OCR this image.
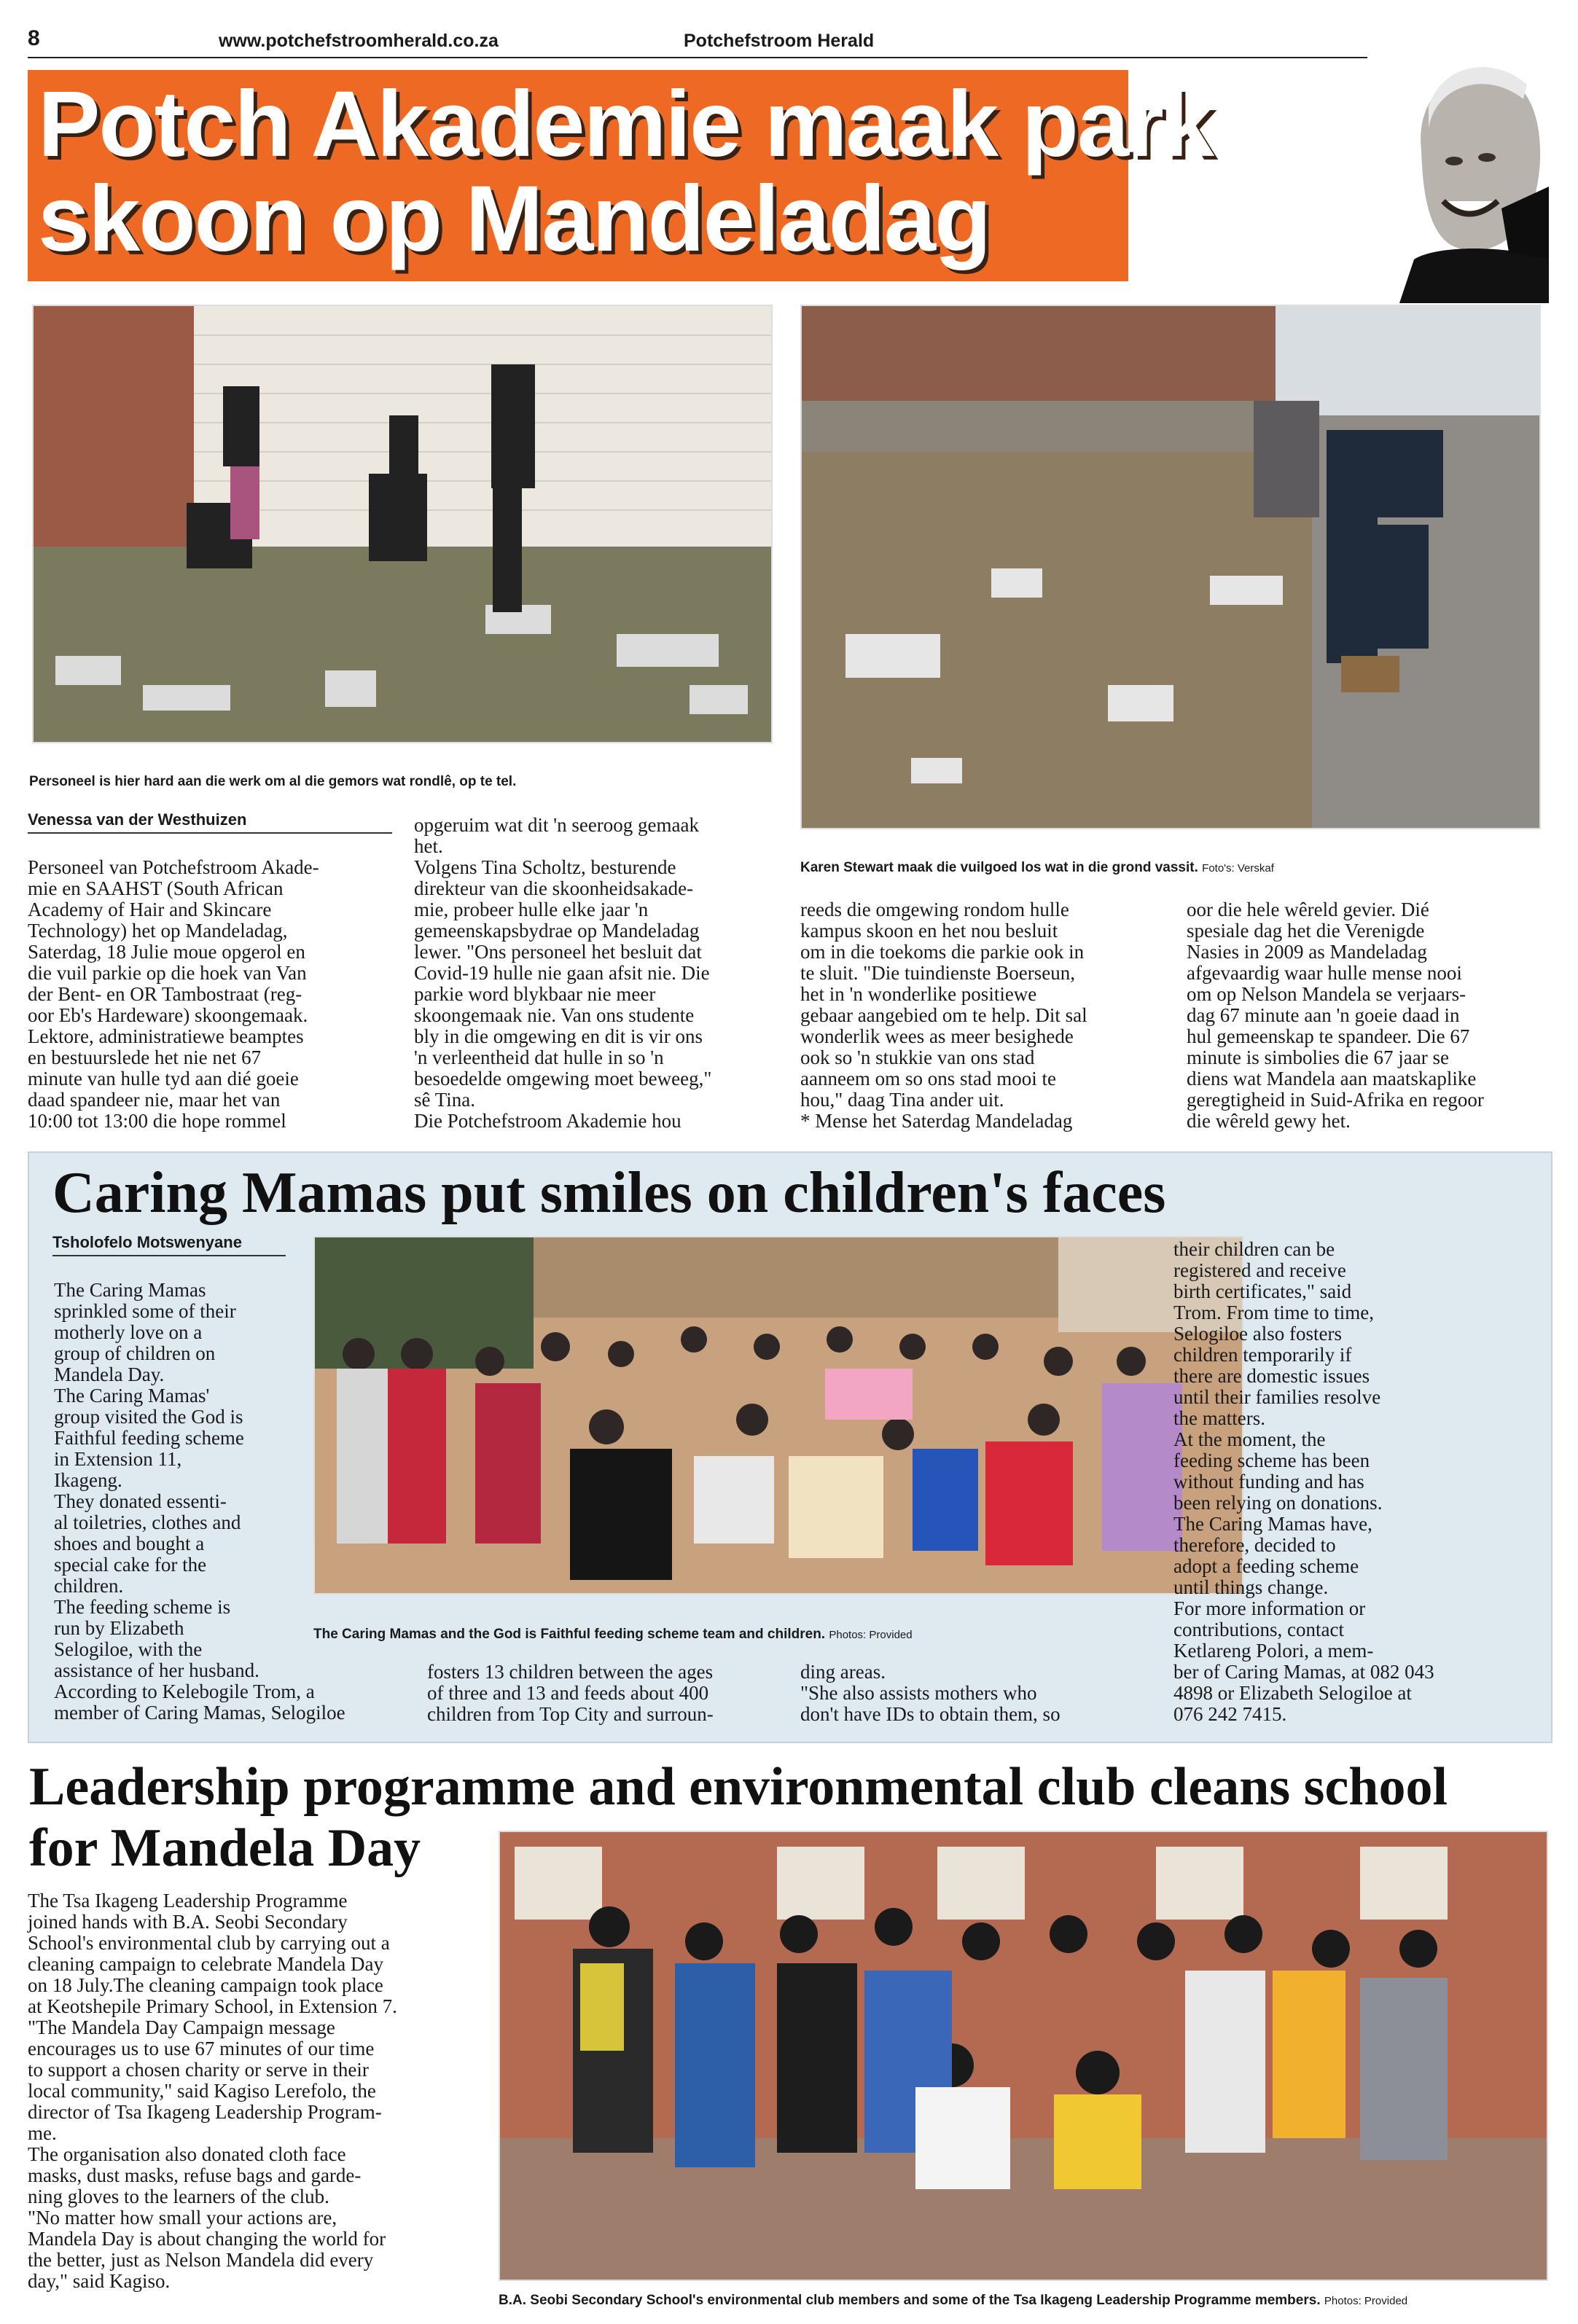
8	www.potchefstroomherald.co.za	Potchefstroom Herald
Potch Akademie maak park
skoon op Mandeladag
Personeel is hier hard aan die werk om al die gemors wat rondlê, op te tel.
Karen Stewart maak die vuilgoed los wat in die grond vassit. Foto's: Verskaf
Venessa van der Westhuizen
Personeel van Potchefstroom Akade-
mie en SAAHST (South African
Academy of Hair and Skincare
Technology) het op Mandeladag,
Saterdag, 18 Julie moue opgerol en
die vuil parkie op die hoek van Van
der Bent- en OR Tambostraat (reg-
oor Eb's Hardeware) skoongemaak.
Lektore, administratiewe beamptes
en bestuurslede het nie net 67
minute van hulle tyd aan dié goeie
daad spandeer nie, maar het van
10:00 tot 13:00 die hope rommel
opgeruim wat dit 'n seeroog gemaak
het.
Volgens Tina Scholtz, besturende
direkteur van die skoonheidsakade-
mie, probeer hulle elke jaar 'n
gemeenskapsbydrae op Mandeladag
lewer. "Ons personeel het besluit dat
Covid-19 hulle nie gaan afsit nie. Die
parkie word blykbaar nie meer
skoongemaak nie. Van ons studente
bly in die omgewing en dit is vir ons
'n verleentheid dat hulle in so 'n
besoedelde omgewing moet beweeg,"
sê Tina.
Die Potchefstroom Akademie hou
reeds die omgewing rondom hulle
kampus skoon en het nou besluit
om in die toekoms die parkie ook in
te sluit. "Die tuindienste Boerseun,
het in 'n wonderlike positiewe
gebaar aangebied om te help. Dit sal
wonderlik wees as meer besighede
ook so 'n stukkie van ons stad
aanneem om so ons stad mooi te
hou," daag Tina ander uit.
* Mense het Saterdag Mandeladag
oor die hele wêreld gevier. Dié
spesiale dag het die Verenigde
Nasies in 2009 as Mandeladag
afgevaardig waar hulle mense nooi
om op Nelson Mandela se verjaars-
dag 67 minute aan 'n goeie daad in
hul gemeenskap te spandeer. Die 67
minute is simbolies die 67 jaar se
diens wat Mandela aan maatskaplike
geregtigheid in Suid-Afrika en regoor
die wêreld gewy het.
Caring Mamas put smiles on children's faces
Tsholofelo Motswenyane
The Caring Mamas and the God is Faithful feeding scheme team and children. Photos: Provided
The Caring Mamas
sprinkled some of their
motherly love on a
group of children on
Mandela Day.
The Caring Mamas'
group visited the God is
Faithful feeding scheme
in Extension 11,
Ikageng.
They donated essenti-
al toiletries, clothes and
shoes and bought a
special cake for the
children.
The feeding scheme is
run by Elizabeth
Selogiloe, with the
assistance of her husband.
According to Kelebogile Trom, a
member of Caring Mamas, Selogiloe
fosters 13 children between the ages
of three and 13 and feeds about 400
children from Top City and surroun-
ding areas.
"She also assists mothers who
don't have IDs to obtain them, so
their children can be
registered and receive
birth certificates," said
Trom. From time to time,
Selogiloe also fosters
children temporarily if
there are domestic issues
until their families resolve
the matters.
At the moment, the
feeding scheme has been
without funding and has
been relying on donations.
The Caring Mamas have,
therefore, decided to
adopt a feeding scheme
until things change.
For more information or
contributions, contact
Ketlareng Polori, a mem-
ber of Caring Mamas, at 082 043
4898 or Elizabeth Selogiloe at
076 242 7415.
Leadership programme and environmental club cleans school
for Mandela Day
The Tsa Ikageng Leadership Programme
joined hands with B.A. Seobi Secondary
School's environmental club by carrying out a
cleaning campaign to celebrate Mandela Day
on 18 July.The cleaning campaign took place
at Keotshepile Primary School, in Extension 7.
"The Mandela Day Campaign message
encourages us to use 67 minutes of our time
to support a chosen charity or serve in their
local community," said Kagiso Lerefolo, the
director of Tsa Ikageng Leadership Program-
me.
The organisation also donated cloth face
masks, dust masks, refuse bags and garde-
ning gloves to the learners of the club.
"No matter how small your actions are,
Mandela Day is about changing the world for
the better, just as Nelson Mandela did every
day," said Kagiso.
B.A. Seobi Secondary School's environmental club members and some of the Tsa Ikageng Leadership Programme members. Photos: Provided
